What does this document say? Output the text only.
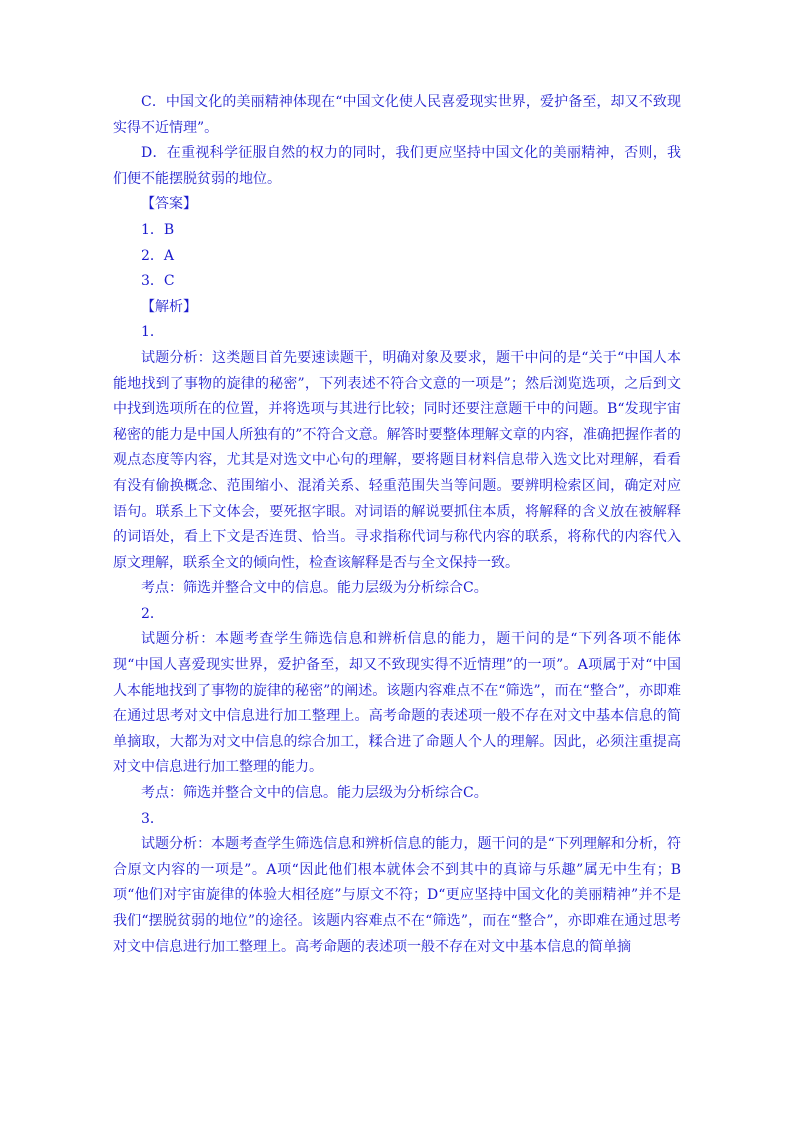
C．中国文化的美丽精神体现在“中国文化使人民喜爱现实世界，爱护备至，却又不致现实得不近情理”。

D．在重视科学征服自然的权力的同时，我们更应坚持中国文化的美丽精神，否则，我们便不能摆脱贫弱的地位。

【答案】

1．B

2．A

3．C

【解析】

1．

试题分析：这类题目首先要速读题干，明确对象及要求，题干中问的是“关于“中国人本能地找到了事物的旋律的秘密”，下列表述不符合文意的一项是”；然后浏览选项，之后到文中找到选项所在的位置，并将选项与其进行比较；同时还要注意题干中的问题。B“发现宇宙秘密的能力是中国人所独有的”不符合文意。解答时要整体理解文章的内容，准确把握作者的观点态度等内容，尤其是对选文中心句的理解，要将题目材料信息带入选文比对理解，看看有没有偷换概念、范围缩小、混淆关系、轻重范围失当等问题。要辨明检索区间，确定对应语句。联系上下文体会，要死抠字眼。对词语的解说要抓住本质，将解释的含义放在被解释的词语处，看上下文是否连贯、恰当。寻求指称代词与称代内容的联系，将称代的内容代入原文理解，联系全文的倾向性，检查该解释是否与全文保持一致。

考点：筛选并整合文中的信息。能力层级为分析综合C。

2．

试题分析：本题考查学生筛选信息和辨析信息的能力，题干问的是“下列各项不能体现“中国人喜爱现实世界，爱护备至，却又不致现实得不近情理”的一项”。A项属于对“中国人本能地找到了事物的旋律的秘密”的阐述。该题内容难点不在“筛选”，而在“整合”，亦即难在通过思考对文中信息进行加工整理上。高考命题的表述项一般不存在对文中基本信息的简单摘取，大都为对文中信息的综合加工，糅合进了命题人个人的理解。因此，必须注重提高对文中信息进行加工整理的能力。

考点：筛选并整合文中的信息。能力层级为分析综合C。

3．

试题分析：本题考查学生筛选信息和辨析信息的能力，题干问的是“下列理解和分析，符合原文内容的一项是”。A项“因此他们根本就体会不到其中的真谛与乐趣”属无中生有；B项“他们对宇宙旋律的体验大相径庭”与原文不符；D“更应坚持中国文化的美丽精神”并不是我们“摆脱贫弱的地位”的途径。该题内容难点不在“筛选”，而在“整合”，亦即难在通过思考对文中信息进行加工整理上。高考命题的表述项一般不存在对文中基本信息的简单摘
